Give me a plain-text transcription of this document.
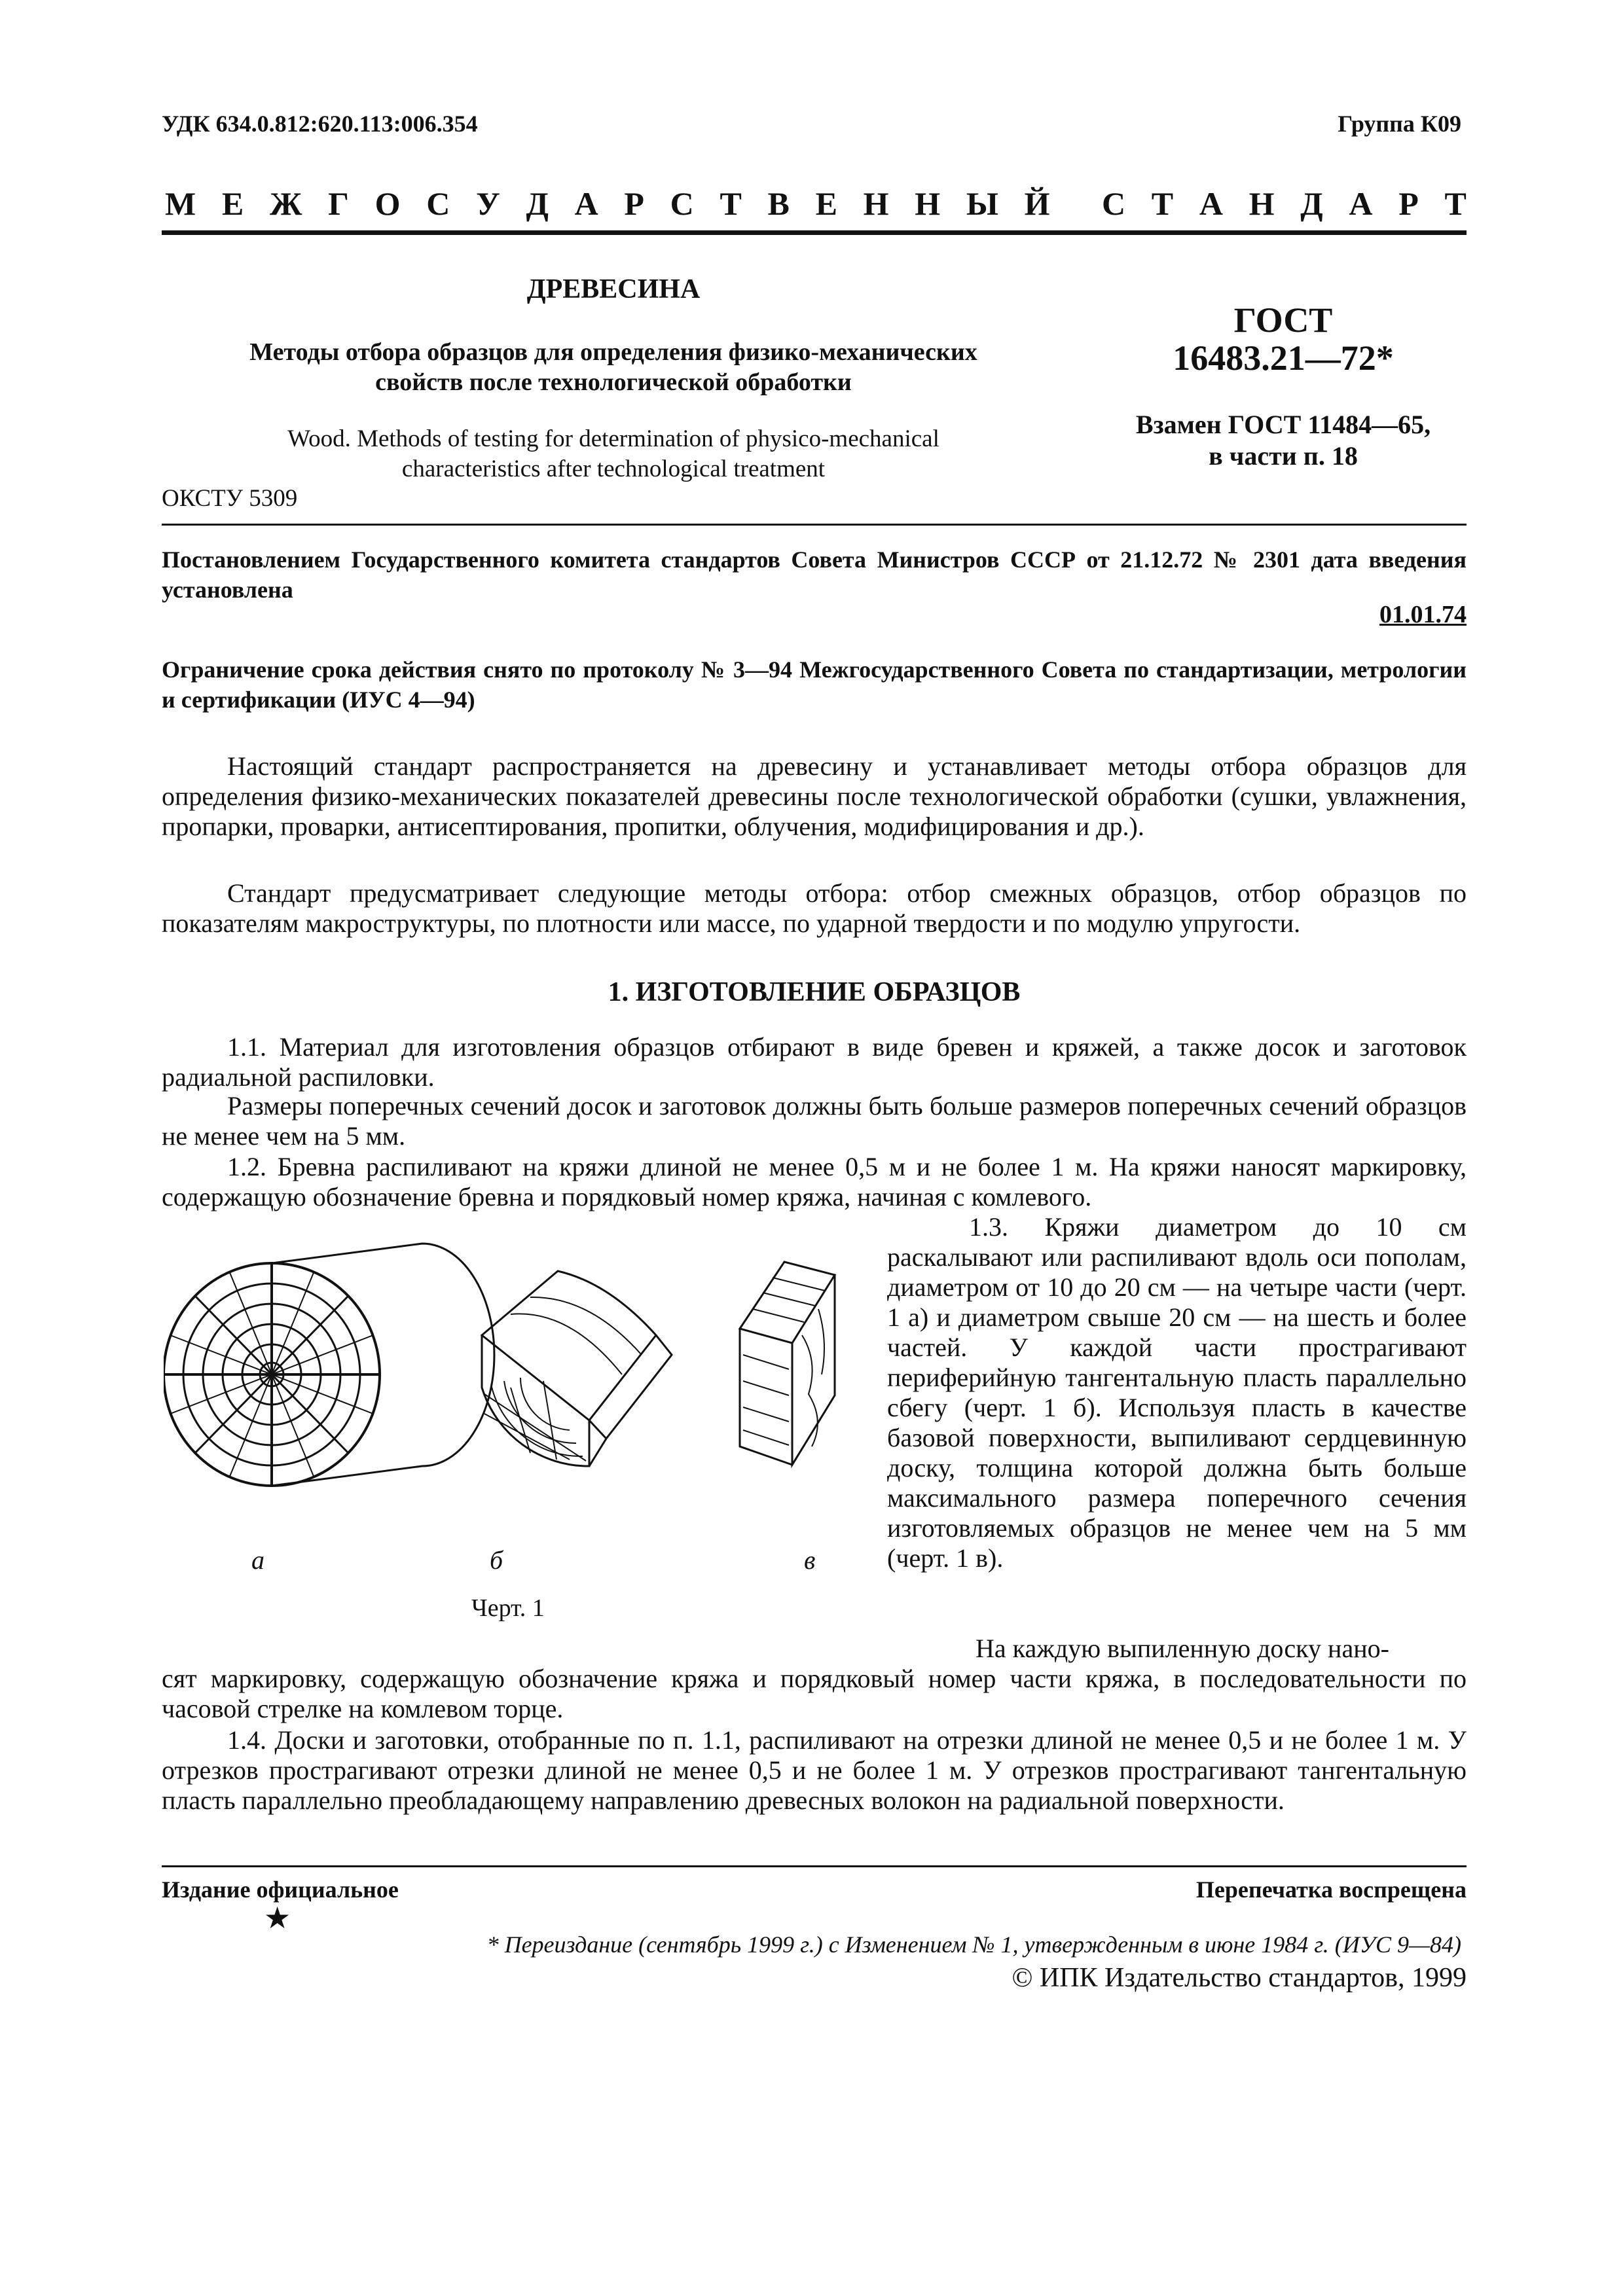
УДК 634.0.812:620.113:006.354	Группа К09
М Е Ж Г О С У Д А Р С Т В Е Н Н Ы Й С Т А Н Д А Р Т
ДРЕВЕСИНА
Методы отбора образцов для определения физико-механических
свойств после технологической обработки
Wood. Methods of testing for determination of physico-mechanical
characteristics after technological treatment
ОКСТУ 5309
ГОСТ
16483.21—72*
Взамен ГОСТ 11484—65,
в части п. 18
Постановлением Государственного комитета стандартов Совета Министров СССР от 21.12.72 № 2301 дата введения установлена
01.01.74
Ограничение срока действия снято по протоколу № 3—94 Межгосударственного Совета по стандартизации, метрологии и сертификации (ИУС 4—94)
Настоящий стандарт распространяется на древесину и устанавливает методы отбора образцов для определения физико-механических показателей древесины после технологической обработки (сушки, увлажнения, пропарки, проварки, антисептирования, пропитки, облучения, модифицирования и др.).
Стандарт предусматривает следующие методы отбора: отбор смежных образцов, отбор образцов по показателям макроструктуры, по плотности или массе, по ударной твердости и по модулю упругости.
1. ИЗГОТОВЛЕНИЕ ОБРАЗЦОВ
1.1. Материал для изготовления образцов отбирают в виде бревен и кряжей, а также досок и заготовок радиальной распиловки.
Размеры поперечных сечений досок и заготовок должны быть больше размеров поперечных сечений образцов не менее чем на 5 мм.
1.2. Бревна распиливают на кряжи длиной не менее 0,5 м и не более 1 м. На кряжи наносят маркировку, содержащую обозначение бревна и порядковый номер кряжа, начиная с комлевого.
1.3. Кряжи диаметром до 10 см раскалывают или распиливают вдоль оси пополам, диаметром от 10 до 20 см — на четыре части (черт. 1 а) и диаметром свыше 20 см — на шесть и более частей. У каждой части прострагивают периферийную тангентальную пласть параллельно сбегу (черт. 1 б). Используя пласть в качестве базовой поверхности, выпиливают сердцевинную доску, толщина которой должна быть больше максимального размера поперечного сечения изготовляемых образцов не менее чем на 5 мм (черт. 1 в).
На каждую выпиленную доску нано-
сят маркировку, содержащую обозначение кряжа и порядковый номер части кряжа, в последовательности по часовой стрелке на комлевом торце.
1.4. Доски и заготовки, отобранные по п. 1.1, распиливают на отрезки длиной не менее 0,5 и не более 1 м. У отрезков прострагивают отрезки длиной не менее 0,5 и не более 1 м. У отрезков прострагивают тангентальную пласть параллельно преобладающему направлению древесных волокон на радиальной поверхности.
а	б	в
Черт. 1
Издание официальное	Перепечатка воспрещена
★
* Переиздание (сентябрь 1999 г.) с Изменением № 1, утвержденным в июне 1984 г. (ИУС 9—84)
© ИПК Издательство стандартов, 1999
